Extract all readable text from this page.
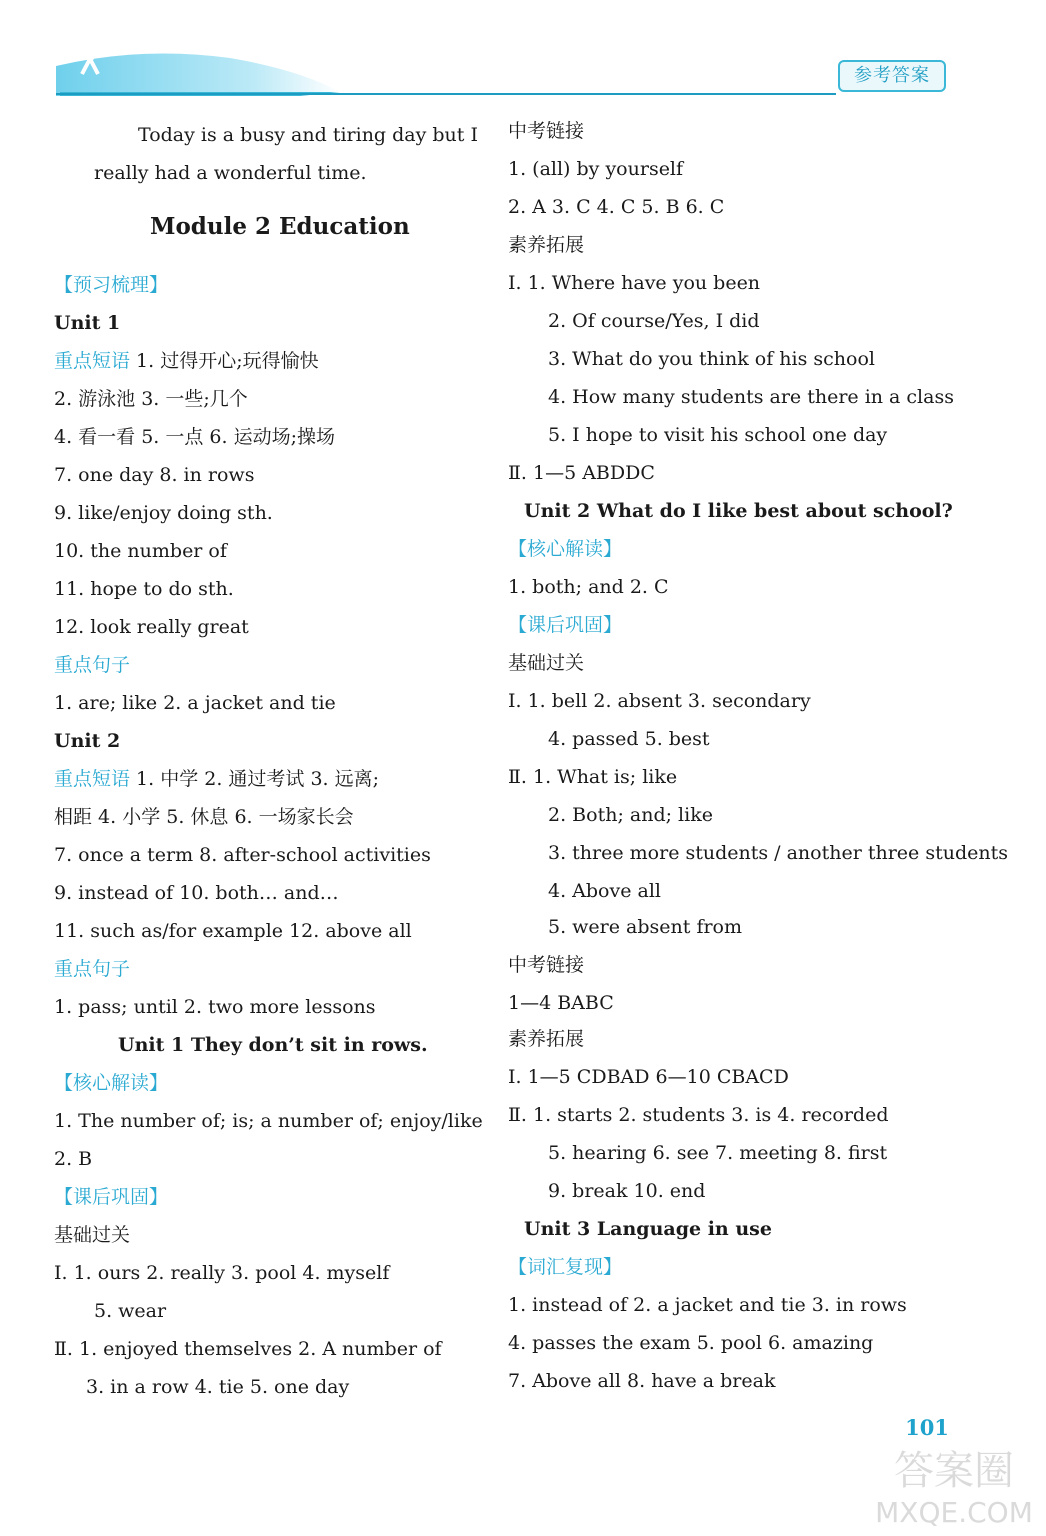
参考答案
Today is a busy and tiring day but I
really had a wonderful time.
Module 2 Education
【预习梳理】
Unit 1
重点短语 1. 过得开心;玩得愉快
2. 游泳池 3. 一些;几个
4. 看一看 5. 一点 6. 运动场;操场
7. one day 8. in rows
9. like/enjoy doing sth.
10. the number of
11. hope to do sth.
12. look really great
重点句子
1. are; like 2. a jacket and tie
Unit 2
重点短语 1. 中学 2. 通过考试 3. 远离;
相距 4. 小学 5. 休息 6. 一场家长会
7. once a term 8. after-school activities
9. instead of 10. both… and…
11. such as/for example 12. above all
重点句子
1. pass; until 2. two more lessons
Unit 1 They don’t sit in rows.
【核心解读】
1. The number of; is; a number of; enjoy/like
2. B
【课后巩固】
基础过关
Ⅰ. 1. ours 2. really 3. pool 4. myself
5. wear
Ⅱ. 1. enjoyed themselves 2. A number of
3. in a row 4. tie 5. one day
中考链接
1. (all) by yourself
2. A 3. C 4. C 5. B 6. C
素养拓展
Ⅰ. 1. Where have you been
2. Of course/Yes, I did
3. What do you think of his school
4. How many students are there in a class
5. I hope to visit his school one day
Ⅱ. 1—5 ABDDC
Unit 2 What do I like best about school?
【核心解读】
1. both; and 2. C
【课后巩固】
基础过关
Ⅰ. 1. bell 2. absent 3. secondary
4. passed 5. best
Ⅱ. 1. What is; like
2. Both; and; like
3. three more students / another three students
4. Above all
5. were absent from
中考链接
1—4 BABC
素养拓展
Ⅰ. 1—5 CDBAD 6—10 CBACD
Ⅱ. 1. starts 2. students 3. is 4. recorded
5. hearing 6. see 7. meeting 8. first
9. break 10. end
Unit 3 Language in use
【词汇复现】
1. instead of 2. a jacket and tie 3. in rows
4. passes the exam 5. pool 6. amazing
7. Above all 8. have a break
101
答案圈
MXQE.COM
